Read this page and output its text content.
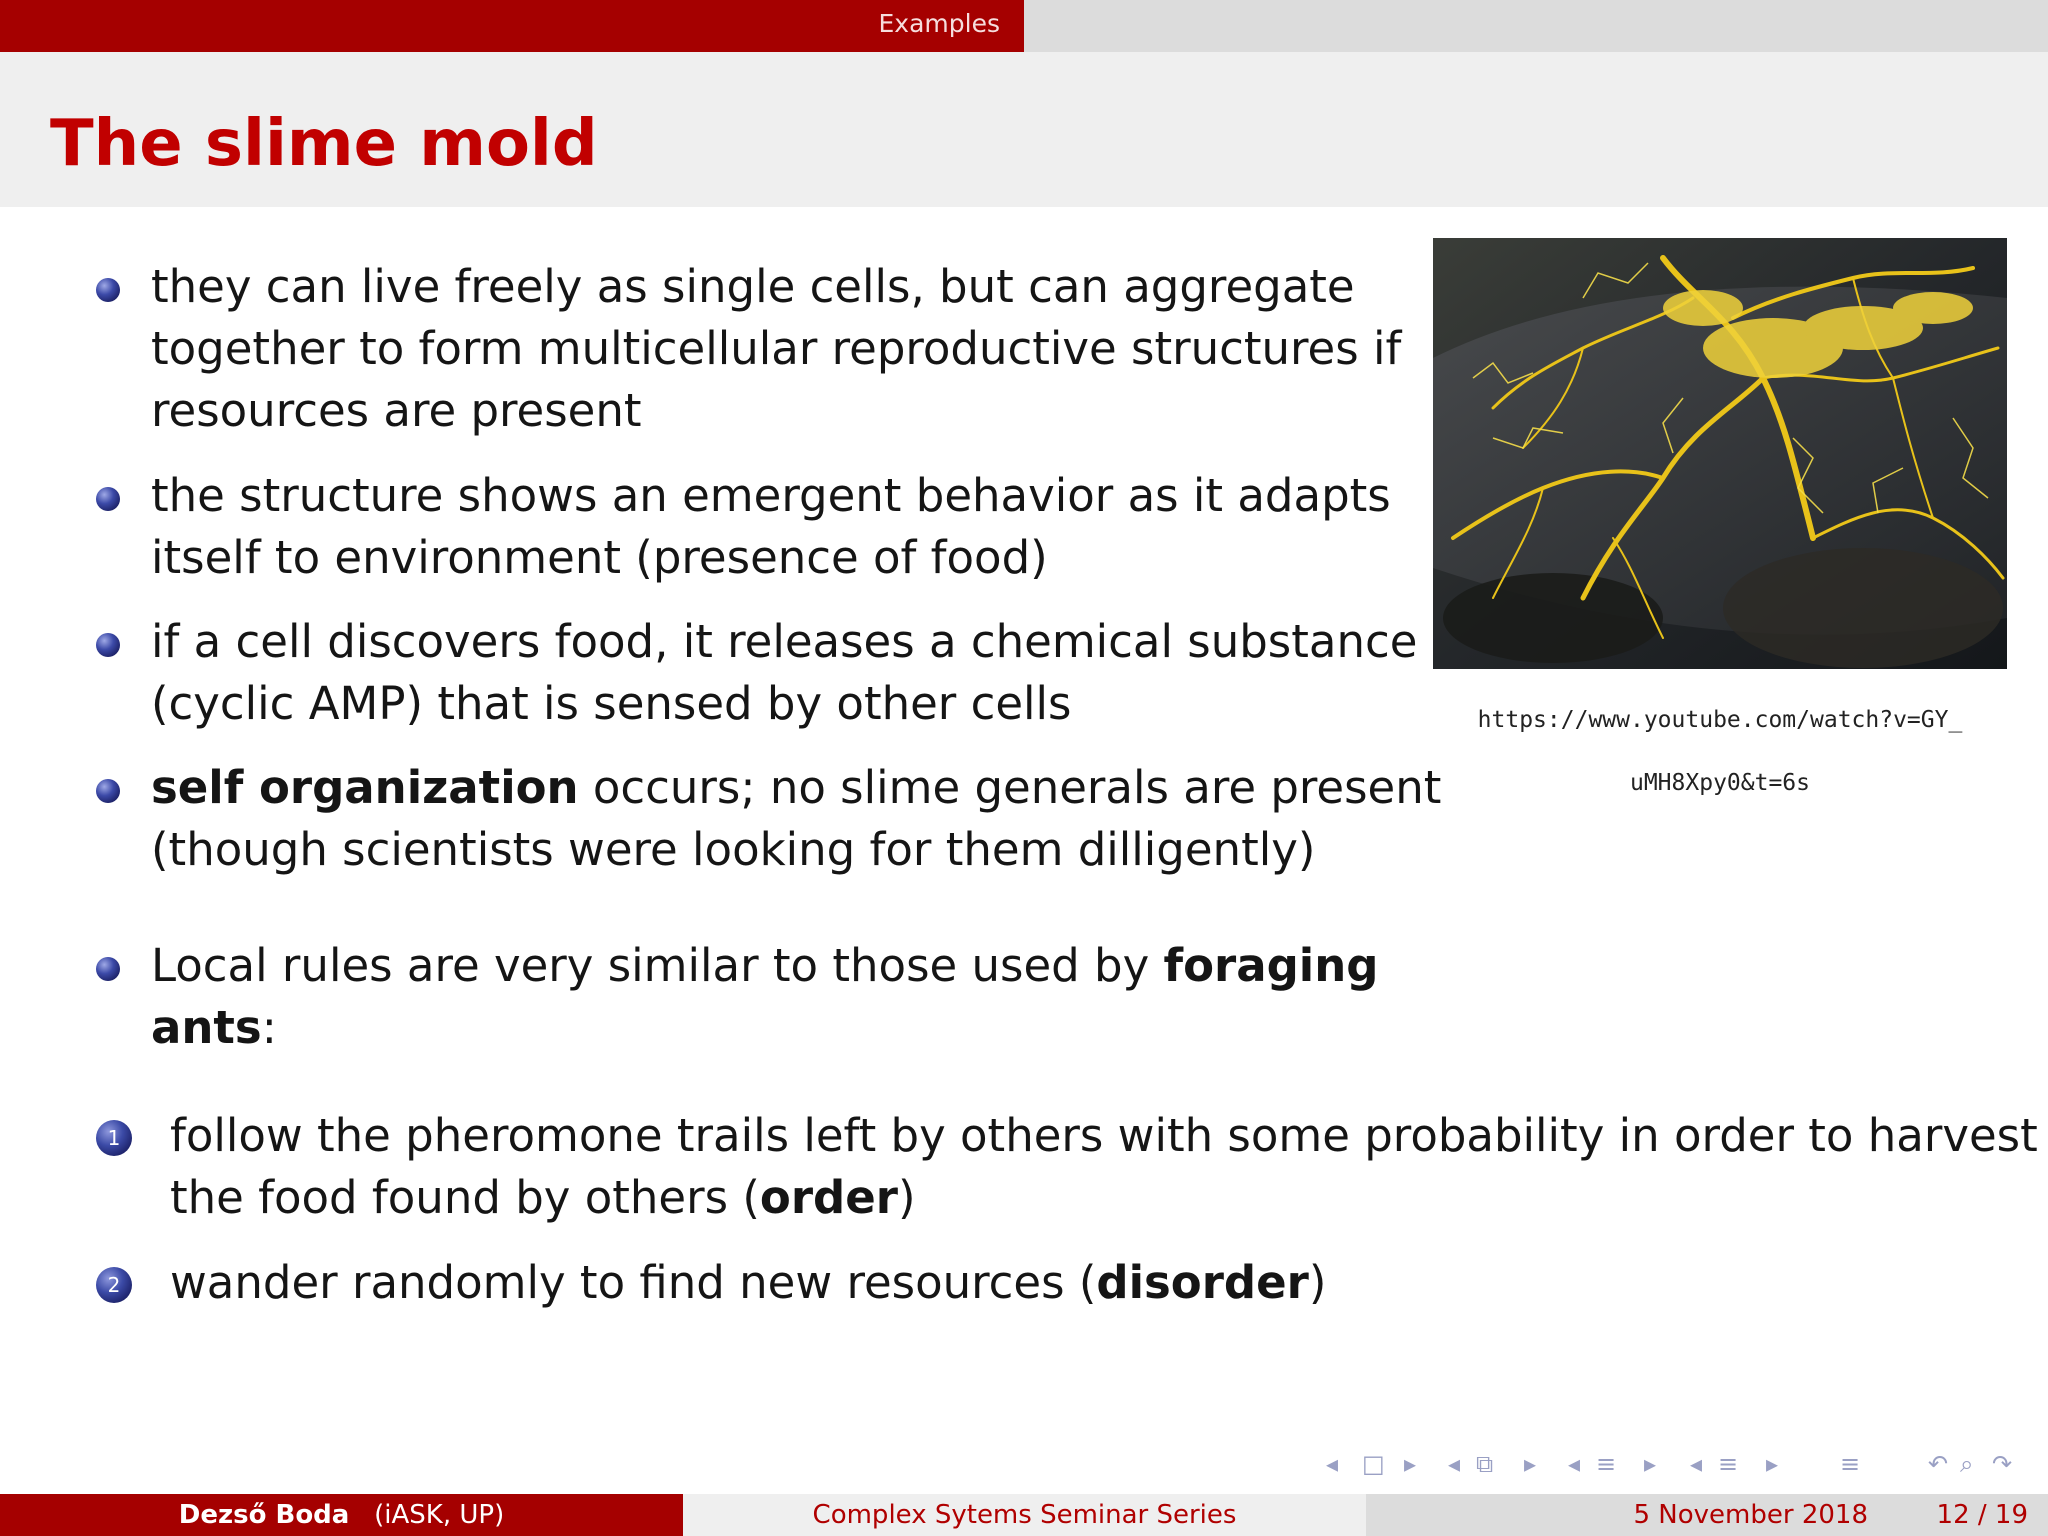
Examples
The slime mold
they can live freely as single cells, but can aggregate
together to form multicellular reproductive structures if
resources are present
the structure shows an emergent behavior as it adapts
itself to environment (presence of food)
if a cell discovers food, it releases a chemical substance
(cyclic AMP) that is sensed by other cells
self organization occurs; no slime generals are present
(though scientists were looking for them dilligently)
Local rules are very similar to those used by foraging
ants:
1 follow the pheromone trails left by others with some probability in order to harvest
the food found by others (order)
2 wander randomly to find new resources (disorder)
https://www.youtube.com/watch?v=GY_
uMH8Xpy0&t=6s
◂ □ ▸ ◂ ⧉ ▸ ◂ ≡ ▸ ◂ ≡ ▸	≡	↶ ⌕ ↷
Dezső Boda (iASK, UP)	Complex Sytems Seminar Series	5 November 2018	12 / 19
